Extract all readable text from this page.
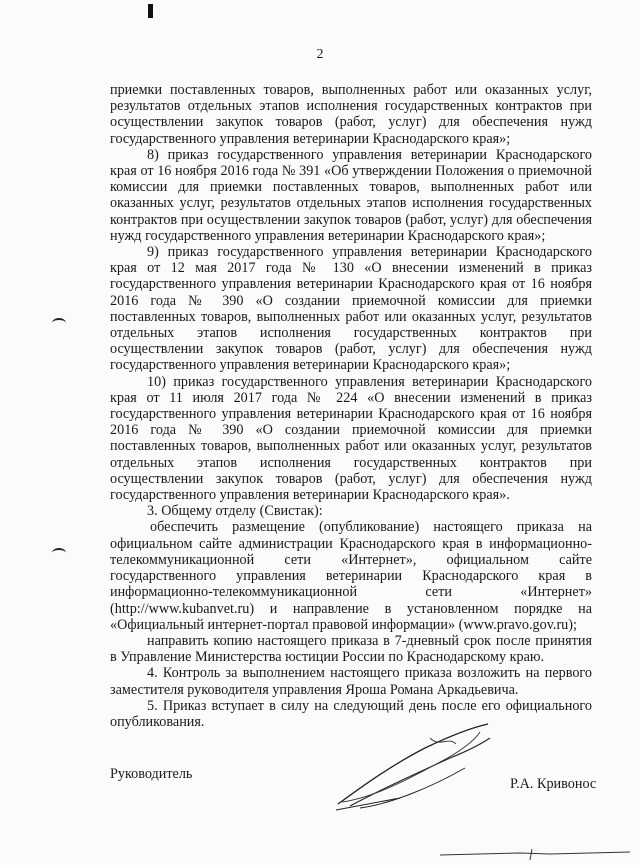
2

приемки поставленных товаров, выполненных работ или оказанных услуг, результатов отдельных этапов исполнения государственных контрактов при осуществлении закупок товаров (работ, услуг) для обеспечения нужд государственного управления ветеринарии Краснодарского края»;

8) приказ государственного управления ветеринарии Краснодарского края от 16 ноября 2016 года № 391 «Об утверждении Положения о приемочной комиссии для приемки поставленных товаров, выполненных работ или оказанных услуг, результатов отдельных этапов исполнения государственных контрактов при осуществлении закупок товаров (работ, услуг) для обеспечения нужд государственного управления ветеринарии Краснодарского края»;

9) приказ государственного управления ветеринарии Краснодарского края от 12 мая 2017 года № 130 «О внесении изменений в приказ государственного управления ветеринарии Краснодарского края от 16 ноября 2016 года № 390 «О создании приемочной комиссии для приемки поставленных товаров, выполненных работ или оказанных услуг, результатов отдельных этапов исполнения государственных контрактов при осуществлении закупок товаров (работ, услуг) для обеспечения нужд государственного управления ветеринарии Краснодарского края»;

10) приказ государственного управления ветеринарии Краснодарского края от 11 июля 2017 года № 224 «О внесении изменений в приказ государственного управления ветеринарии Краснодарского края от 16 ноября 2016 года № 390 «О создании приемочной комиссии для приемки поставленных товаров, выполненных работ или оказанных услуг, результатов отдельных этапов исполнения государственных контрактов при осуществлении закупок товаров (работ, услуг) для обеспечения нужд государственного управления ветеринарии Краснодарского края».

3. Общему отделу (Свистак):

обеспечить размещение (опубликование) настоящего приказа на официальном сайте администрации Краснодарского края в информационно-телекоммуникационной сети «Интернет», официальном сайте государственного управления ветеринарии Краснодарского края в информационно-телекоммуникационной сети «Интернет» (http://www.kubanvet.ru) и направление в установленном порядке на «Официальный интернет-портал правовой информации» (www.pravo.gov.ru);

направить копию настоящего приказа в 7-дневный срок после принятия в Управление Министерства юстиции России по Краснодарскому краю.

4. Контроль за выполнением настоящего приказа возложить на первого заместителя руководителя управления Яроша Романа Аркадьевича.

5. Приказ вступает в силу на следующий день после его официального опубликования.

Руководитель
Р.А. Кривонос
